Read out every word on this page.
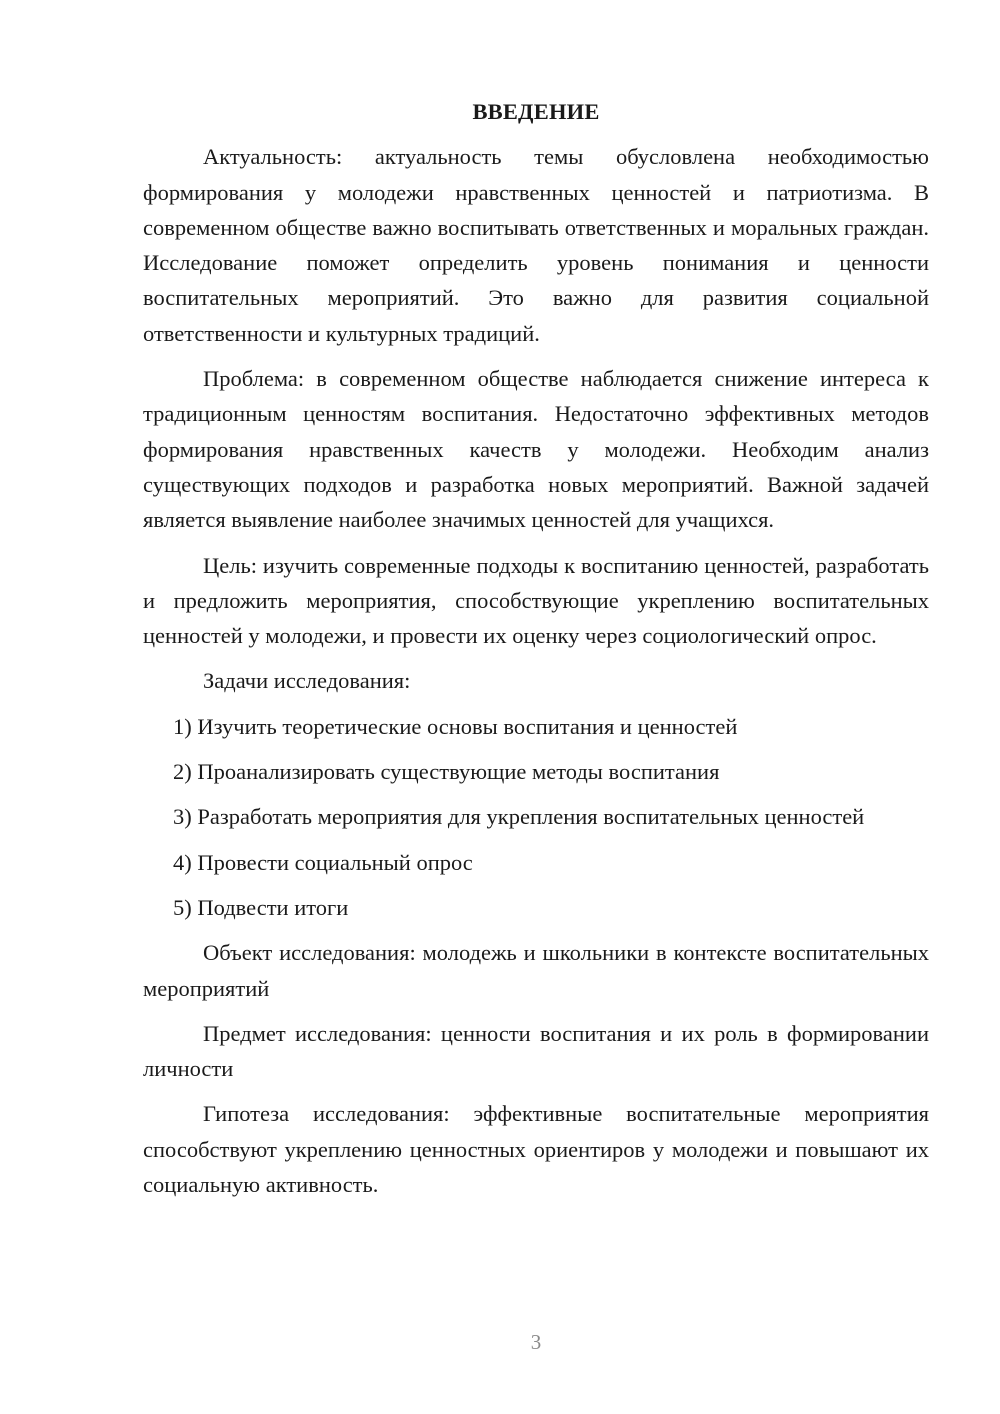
ВВЕДЕНИЕ

Актуальность: актуальность темы обусловлена необходимостью формирования у молодежи нравственных ценностей и патриотизма. В современном обществе важно воспитывать ответственных и моральных граждан. Исследование поможет определить уровень понимания и ценности воспитательных мероприятий. Это важно для развития социальной ответственности и культурных традиций.

Проблема: в современном обществе наблюдается снижение интереса к традиционным ценностям воспитания. Недостаточно эффективных методов формирования нравственных качеств у молодежи. Необходим анализ существующих подходов и разработка новых мероприятий. Важной задачей является выявление наиболее значимых ценностей для учащихся.

Цель: изучить современные подходы к воспитанию ценностей, разработать и предложить мероприятия, способствующие укреплению воспитательных ценностей у молодежи, и провести их оценку через социологический опрос.

Задачи исследования:

1) Изучить теоретические основы воспитания и ценностей

2) Проанализировать существующие методы воспитания

3) Разработать мероприятия для укрепления воспитательных ценностей

4) Провести социальный опрос

5) Подвести итоги

Объект исследования: молодежь и школьники в контексте воспитательных мероприятий

Предмет исследования: ценности воспитания и их роль в формировании личности

Гипотеза исследования: эффективные воспитательные мероприятия способствуют укреплению ценностных ориентиров у молодежи и повышают их социальную активность.

3
